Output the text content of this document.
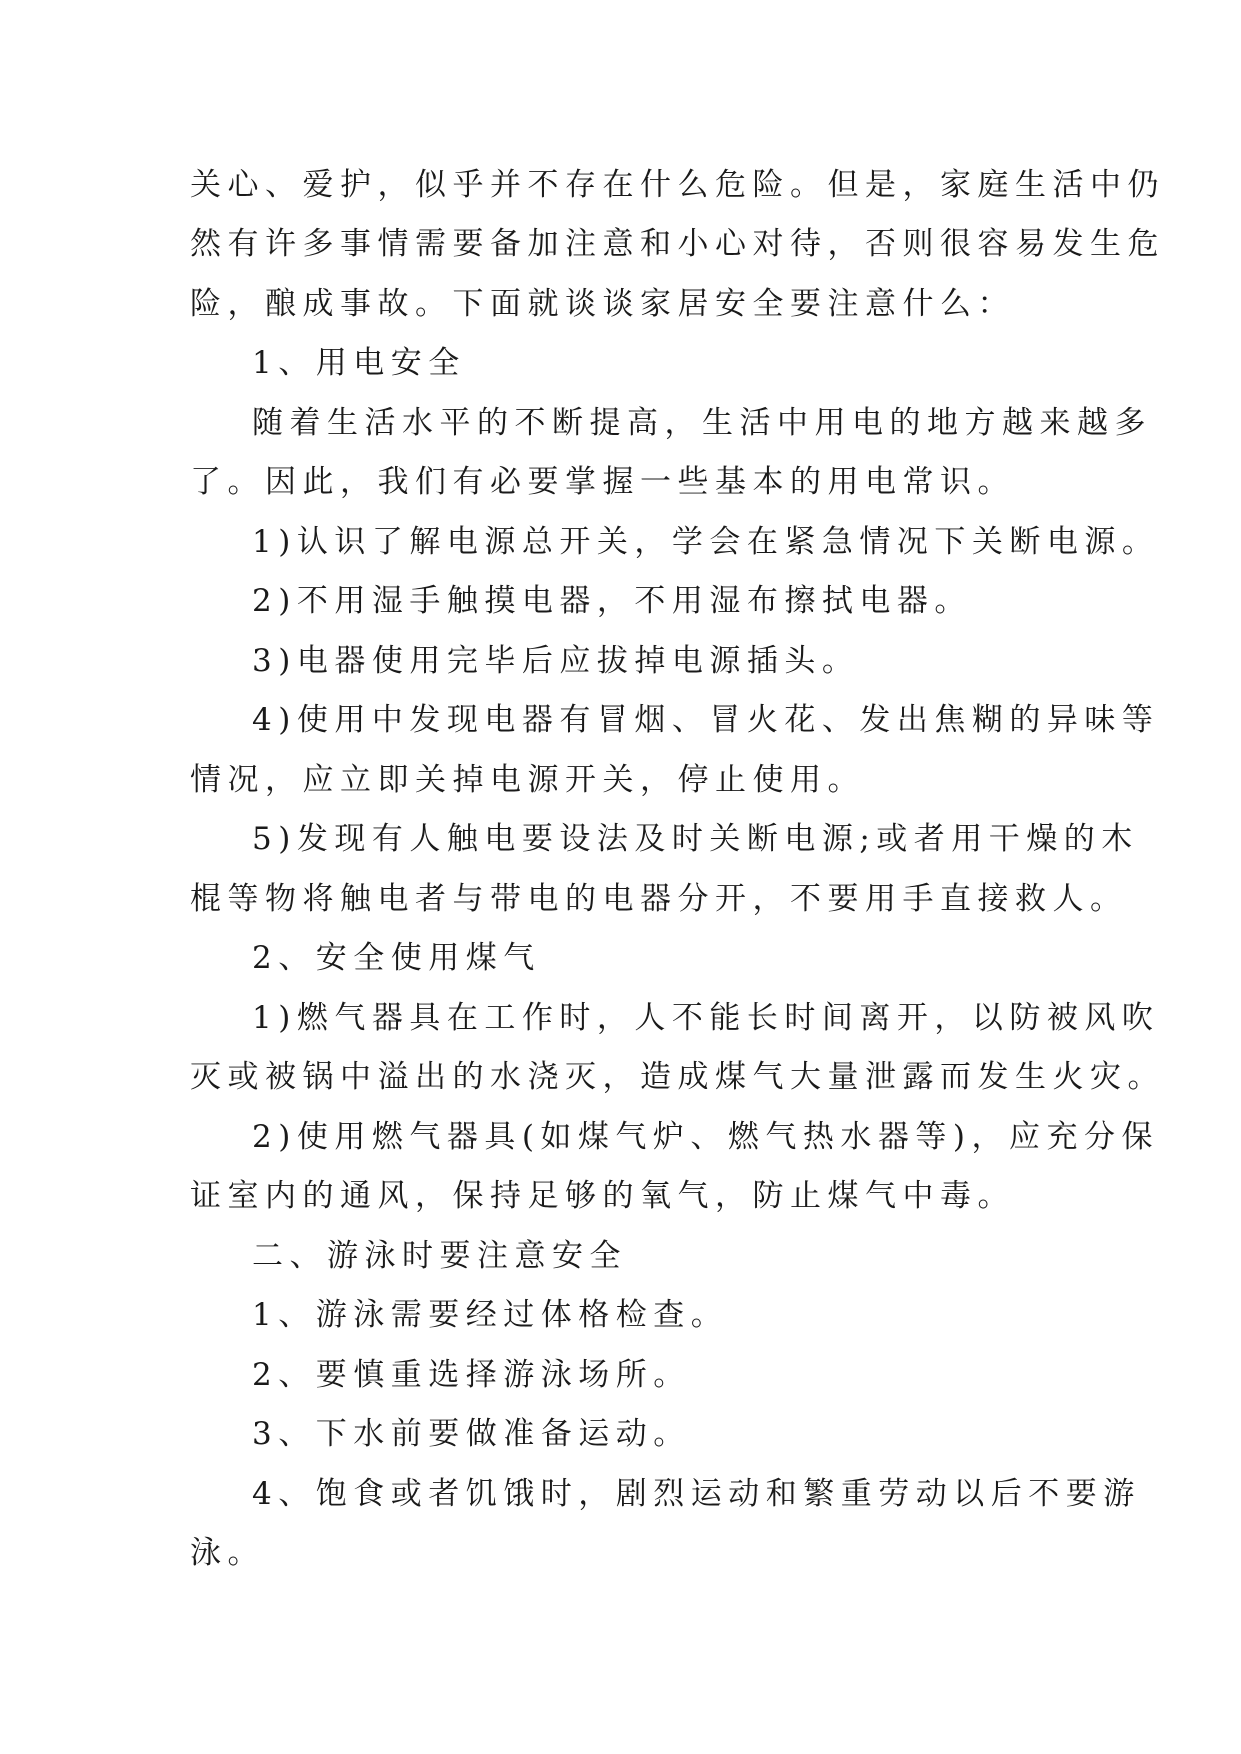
关心、爱护，似乎并不存在什么危险。但是，家庭生活中仍
然有许多事情需要备加注意和小心对待，否则很容易发生危
险，酿成事故。下面就谈谈家居安全要注意什么：
1、用电安全
随着生活水平的不断提高，生活中用电的地方越来越多
了。因此，我们有必要掌握一些基本的用电常识。
1)认识了解电源总开关，学会在紧急情况下关断电源。
2)不用湿手触摸电器，不用湿布擦拭电器。
3)电器使用完毕后应拔掉电源插头。
4)使用中发现电器有冒烟、冒火花、发出焦糊的异味等
情况，应立即关掉电源开关，停止使用。
5)发现有人触电要设法及时关断电源;或者用干燥的木
棍等物将触电者与带电的电器分开，不要用手直接救人。
2、安全使用煤气
1)燃气器具在工作时，人不能长时间离开，以防被风吹
灭或被锅中溢出的水浇灭，造成煤气大量泄露而发生火灾。
2)使用燃气器具(如煤气炉、燃气热水器等)，应充分保
证室内的通风，保持足够的氧气，防止煤气中毒。
二、游泳时要注意安全
1、游泳需要经过体格检查。
2、要慎重选择游泳场所。
3、下水前要做准备运动。
4、饱食或者饥饿时，剧烈运动和繁重劳动以后不要游
泳。
